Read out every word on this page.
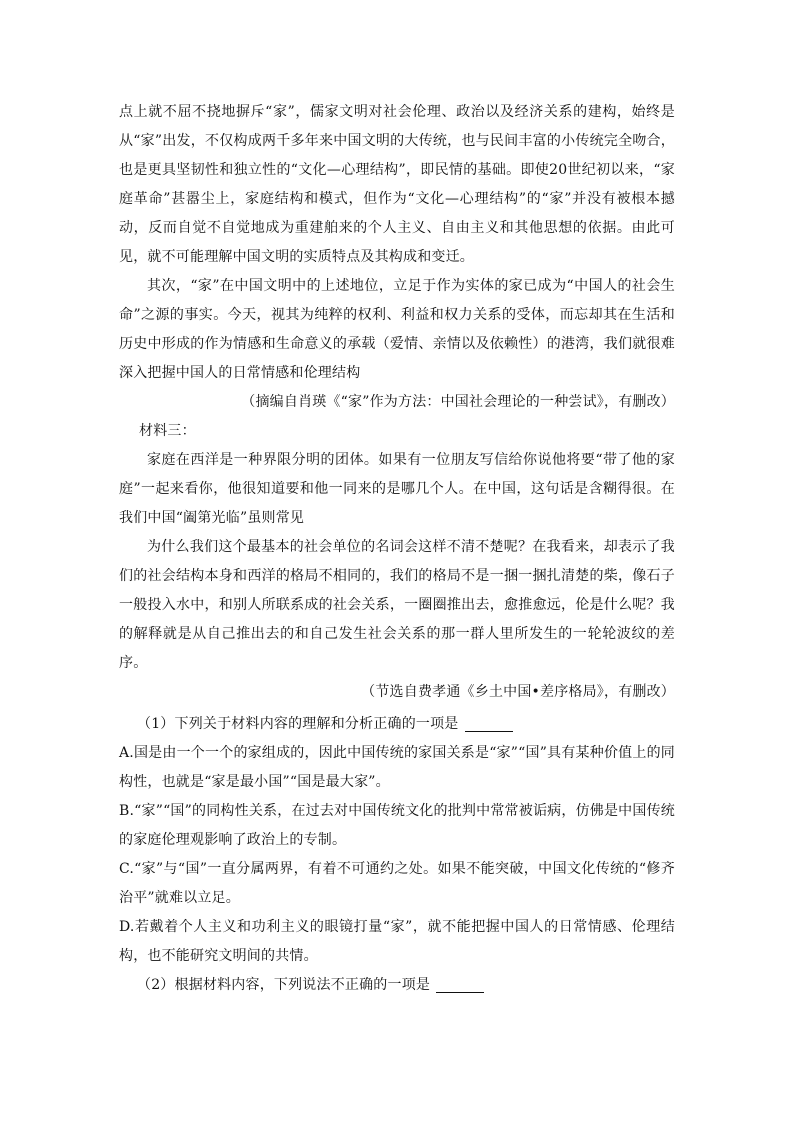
点上就不屈不挠地摒斥“家”，儒家文明对社会伦理、政治以及经济关系的建构，始终是从“家”出发，不仅构成两千多年来中国文明的大传统，也与民间丰富的小传统完全吻合，也是更具坚韧性和独立性的“文化—心理结构”，即民情的基础。即使20世纪初以来，“家庭革命”甚嚣尘上，家庭结构和模式，但作为“文化—心理结构”的“家”并没有被根本撼动，反而自觉不自觉地成为重建舶来的个人主义、自由主义和其他思想的依据。由此可见，就不可能理解中国文明的实质特点及其构成和变迁。

其次，“家”在中国文明中的上述地位，立足于作为实体的家已成为“中国人的社会生命”之源的事实。今天，视其为纯粹的权利、利益和权力关系的受体，而忘却其在生活和历史中形成的作为情感和生命意义的承载（爱情、亲情以及依赖性）的港湾，我们就很难深入把握中国人的日常情感和伦理结构

（摘编自肖瑛《“家”作为方法：中国社会理论的一种尝试》，有删改）

材料三：

家庭在西洋是一种界限分明的团体。如果有一位朋友写信给你说他将要“带了他的家庭”一起来看你，他很知道要和他一同来的是哪几个人。在中国，这句话是含糊得很。在我们中国“阖第光临”虽则常见

为什么我们这个最基本的社会单位的名词会这样不清不楚呢？在我看来，却表示了我们的社会结构本身和西洋的格局不相同的，我们的格局不是一捆一捆扎清楚的柴，像石子一般投入水中，和别人所联系成的社会关系，一圈圈推出去，愈推愈远，伦是什么呢？我的解释就是从自己推出去的和自己发生社会关系的那一群人里所发生的一轮轮波纹的差序。

（节选自费孝通《乡土中国•差序格局》，有删改）

（1）下列关于材料内容的理解和分析正确的一项是

A.国是由一个一个的家组成的，因此中国传统的家国关系是“家”“国”具有某种价值上的同构性，也就是“家是最小国”“国是最大家”。

B.“家”“国”的同构性关系，在过去对中国传统文化的批判中常常被诟病，仿佛是中国传统的家庭伦理观影响了政治上的专制。

C.“家”与“国”一直分属两界，有着不可通约之处。如果不能突破，中国文化传统的“修齐治平”就难以立足。

D.若戴着个人主义和功利主义的眼镜打量“家”，就不能把握中国人的日常情感、伦理结构，也不能研究文明间的共情。

（2）根据材料内容，下列说法不正确的一项是
